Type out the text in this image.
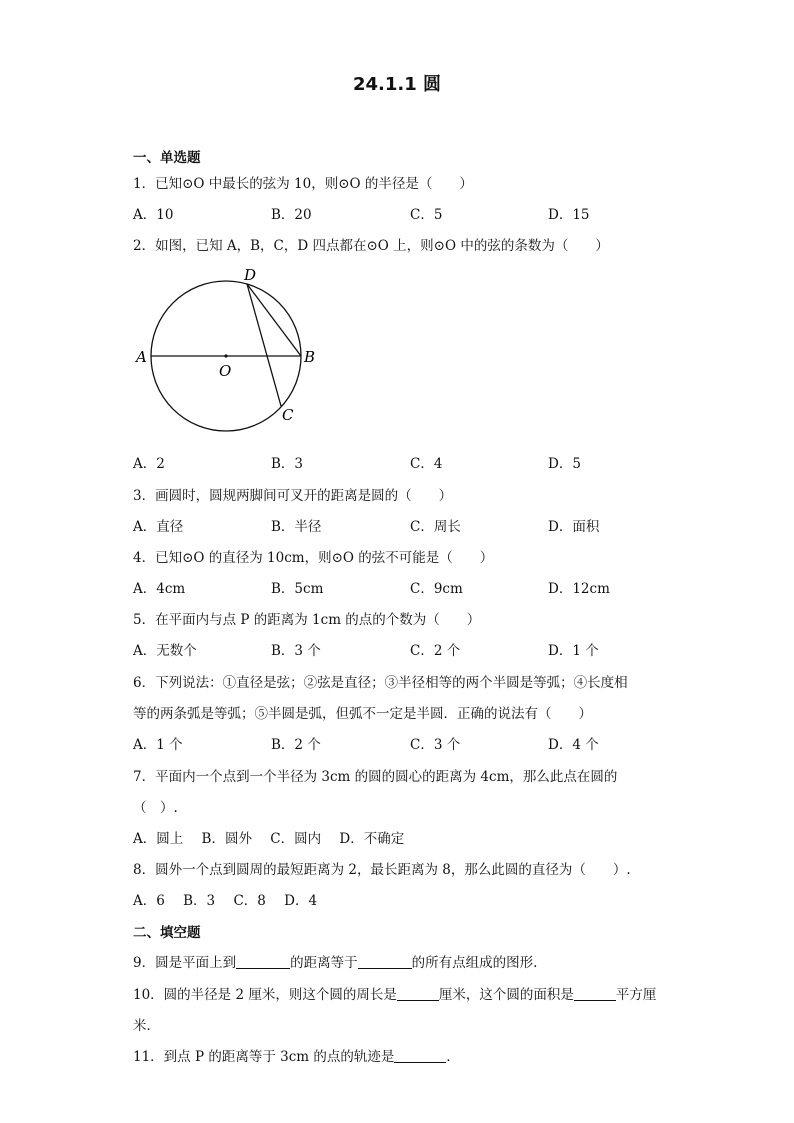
24.1.1 圆
一、单选题
1．已知⊙O 中最长的弦为 10，则⊙O 的半径是（　　）
A．10	B．20	C．5	D．15
2．如图，已知 A，B，C，D 四点都在⊙O 上，则⊙O 中的弦的条数为（　　）
A	B
C
D
O
A．2	B．3	C．4	D．5
3．画圆时，圆规两脚间可叉开的距离是圆的（　　）
A．直径	B．半径	C．周长	D．面积
4．已知⊙O 的直径为 10cm，则⊙O 的弦不可能是（　　）
A．4cm	B．5cm	C．9cm	D．12cm
5．在平面内与点 P 的距离为 1cm 的点的个数为（　　）
A．无数个	B．3 个	C．2 个	D．1 个
6．下列说法：①直径是弦；②弦是直径；③半径相等的两个半圆是等弧；④长度相
等的两条弧是等弧；⑤半圆是弧，但弧不一定是半圆．正确的说法有（　　）
A．1 个	B．2 个	C．3 个	D．4 个
7．平面内一个点到一个半径为 3cm 的圆的圆心的距离为 4cm，那么此点在圆的
（　）.
A．圆上 B．圆外 C．圆内 D．不确定
8．圆外一个点到圆周的最短距离为 2，最长距离为 8，那么此圆的直径为（　　）.
A．6 B．3 C．8 D．4
二、填空题
9．圆是平面上到	的距离等于	的所有点组成的图形.
10．圆的半径是 2 厘米，则这个圆的周长是	厘米，这个圆的面积是	平方厘
米．
11．到点 P 的距离等于 3cm 的点的轨迹是	．
